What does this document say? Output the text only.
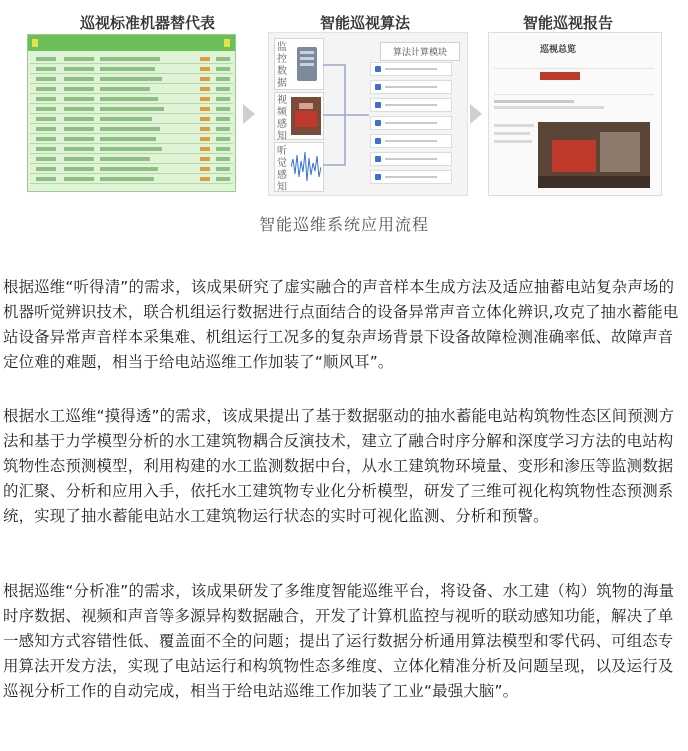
巡视标准机器替代表	智能巡视算法	智能巡视报告
监控数据
视频感知
听觉感知
算法计算模块	巡视总览
智能巡维系统应用流程

根据巡维“听得清”的需求，该成果研究了虚实融合的声音样本生成方法及适应抽蓄电站复杂声场的机器听觉辨识技术，联合机组运行数据进行点面结合的设备异常声音立体化辨识,攻克了抽水蓄能电站设备异常声音样本采集难、机组运行工况多的复杂声场背景下设备故障检测准确率低、故障声音定位难的难题，相当于给电站巡维工作加装了“顺风耳”。

根据水工巡维“摸得透”的需求，该成果提出了基于数据驱动的抽水蓄能电站构筑物性态区间预测方法和基于力学模型分析的水工建筑物耦合反演技术，建立了融合时序分解和深度学习方法的电站构筑物性态预测模型，利用构建的水工监测数据中台，从水工建筑物环境量、变形和渗压等监测数据的汇聚、分析和应用入手，依托水工建筑物专业化分析模型，研发了三维可视化构筑物性态预测系统，实现了抽水蓄能电站水工建筑物运行状态的实时可视化监测、分析和预警。

根据巡维“分析准”的需求，该成果研发了多维度智能巡维平台，将设备、水工建（构）筑物的海量时序数据、视频和声音等多源异构数据融合，开发了计算机监控与视听的联动感知功能，解决了单一感知方式容错性低、覆盖面不全的问题；提出了运行数据分析通用算法模型和零代码、可组态专用算法开发方法，实现了电站运行和构筑物性态多维度、立体化精准分析及问题呈现，以及运行及巡视分析工作的自动完成，相当于给电站巡维工作加装了工业“最强大脑”。
